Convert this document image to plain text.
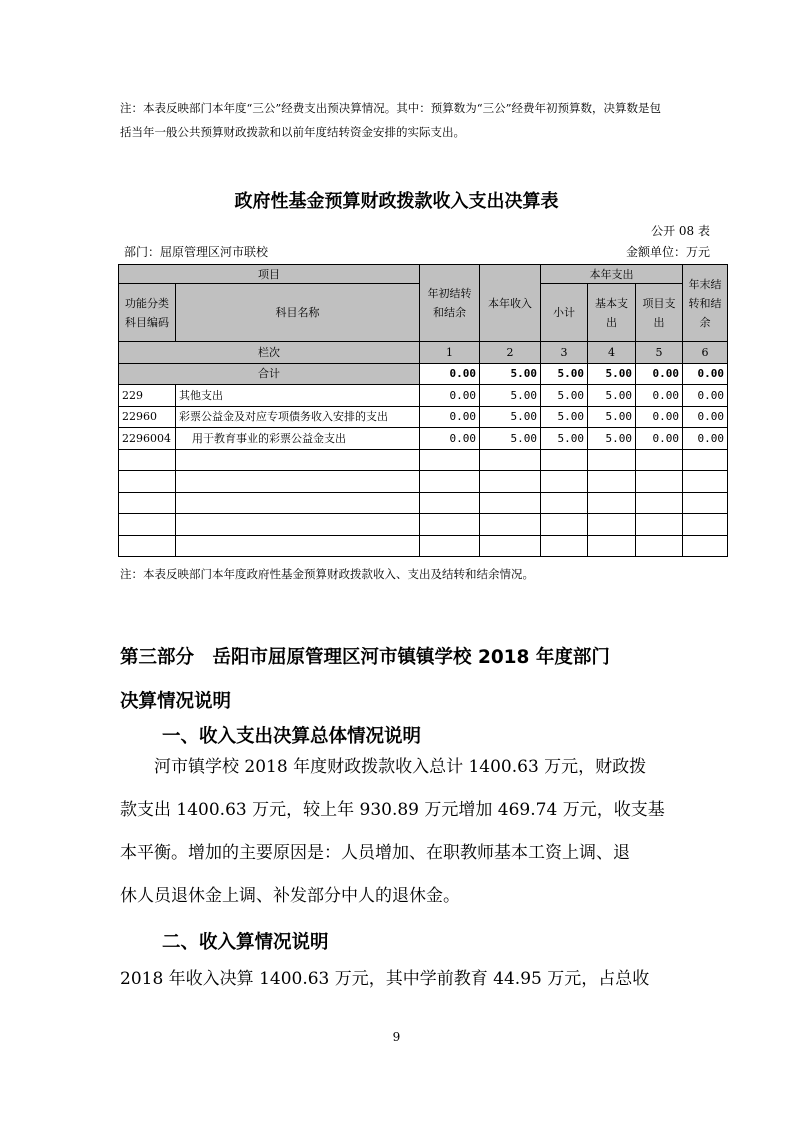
注：本表反映部门本年度“三公”经费支出预决算情况。其中：预算数为“三公”经费年初预算数，决算数是包
括当年一般公共预算财政拨款和以前年度结转资金安排的实际支出。
政府性基金预算财政拨款收入支出决算表
公开 08 表
部门：屈原管理区河市联校	金额单位：万元
项目		年初结转和结余	本年收入	本年支出			年末结转和结余
功能分类科目编码	科目名称			小计	基本支出	项目支出	
栏次		1	2	3	4	5	6
合计		0.00	5.00	5.00	5.00	0.00	0.00
229	其他支出	0.00	5.00	5.00	5.00	0.00	0.00
22960	彩票公益金及对应专项债务收入安排的支出	0.00	5.00	5.00	5.00	0.00	0.00
2296004	用于教育事业的彩票公益金支出	0.00	5.00	5.00	5.00	0.00	0.00

注：本表反映部门本年度政府性基金预算财政拨款收入、支出及结转和结余情况。
第三部分　岳阳市屈原管理区河市镇镇学校 2018 年度部门
决算情况说明
一、收入支出决算总体情况说明
河市镇学校 2018 年度财政拨款收入总计 1400.63 万元，财政拨
款支出 1400.63 万元，较上年 930.89 万元增加 469.74 万元，收支基
本平衡。增加的主要原因是：人员增加、在职教师基本工资上调、退
休人员退休金上调、补发部分中人的退休金。
二、收入算情况说明
2018 年收入决算 1400.63 万元，其中学前教育 44.95 万元，占总收
9
